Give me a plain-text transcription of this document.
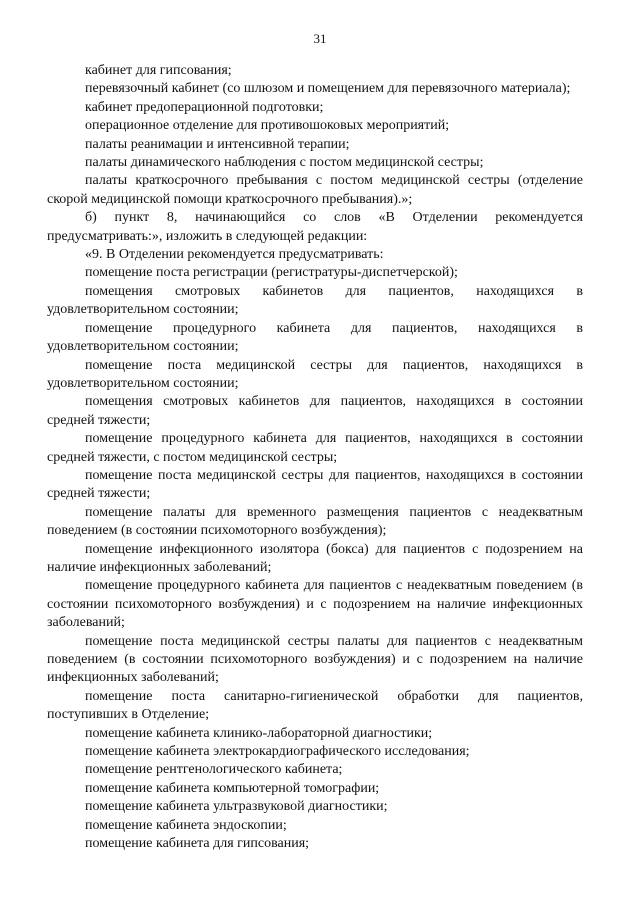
31

кабинет для гипсования;

перевязочный кабинет (со шлюзом и помещением для перевязочного материала);

кабинет предоперационной подготовки;

операционное отделение для противошоковых мероприятий;

палаты реанимации и интенсивной терапии;

палаты динамического наблюдения с постом медицинской сестры;

палаты краткосрочного пребывания с постом медицинской сестры (отделение скорой медицинской помощи краткосрочного пребывания).»;

б) пункт 8, начинающийся со слов «В Отделении рекомендуется предусматривать:», изложить в следующей редакции:

«9. В Отделении рекомендуется предусматривать:

помещение поста регистрации (регистратуры-диспетчерской);

помещения смотровых кабинетов для пациентов, находящихся в удовлетворительном состоянии;

помещение процедурного кабинета для пациентов, находящихся в удовлетворительном состоянии;

помещение поста медицинской сестры для пациентов, находящихся в удовлетворительном состоянии;

помещения смотровых кабинетов для пациентов, находящихся в состоянии средней тяжести;

помещение процедурного кабинета для пациентов, находящихся в состоянии средней тяжести, с постом медицинской сестры;

помещение поста медицинской сестры для пациентов, находящихся в состоянии средней тяжести;

помещение палаты для временного размещения пациентов с неадекватным поведением (в состоянии психомоторного возбуждения);

помещение инфекционного изолятора (бокса) для пациентов с подозрением на наличие инфекционных заболеваний;

помещение процедурного кабинета для пациентов с неадекватным поведением (в состоянии психомоторного возбуждения) и с подозрением на наличие инфекционных заболеваний;

помещение поста медицинской сестры палаты для пациентов с неадекватным поведением (в состоянии психомоторного возбуждения) и с подозрением на наличие инфекционных заболеваний;

помещение поста санитарно-гигиенической обработки для пациентов, поступивших в Отделение;

помещение кабинета клинико-лабораторной диагностики;

помещение кабинета электрокардиографического исследования;

помещение рентгенологического кабинета;

помещение кабинета компьютерной томографии;

помещение кабинета ультразвуковой диагностики;

помещение кабинета эндоскопии;

помещение кабинета для гипсования;
